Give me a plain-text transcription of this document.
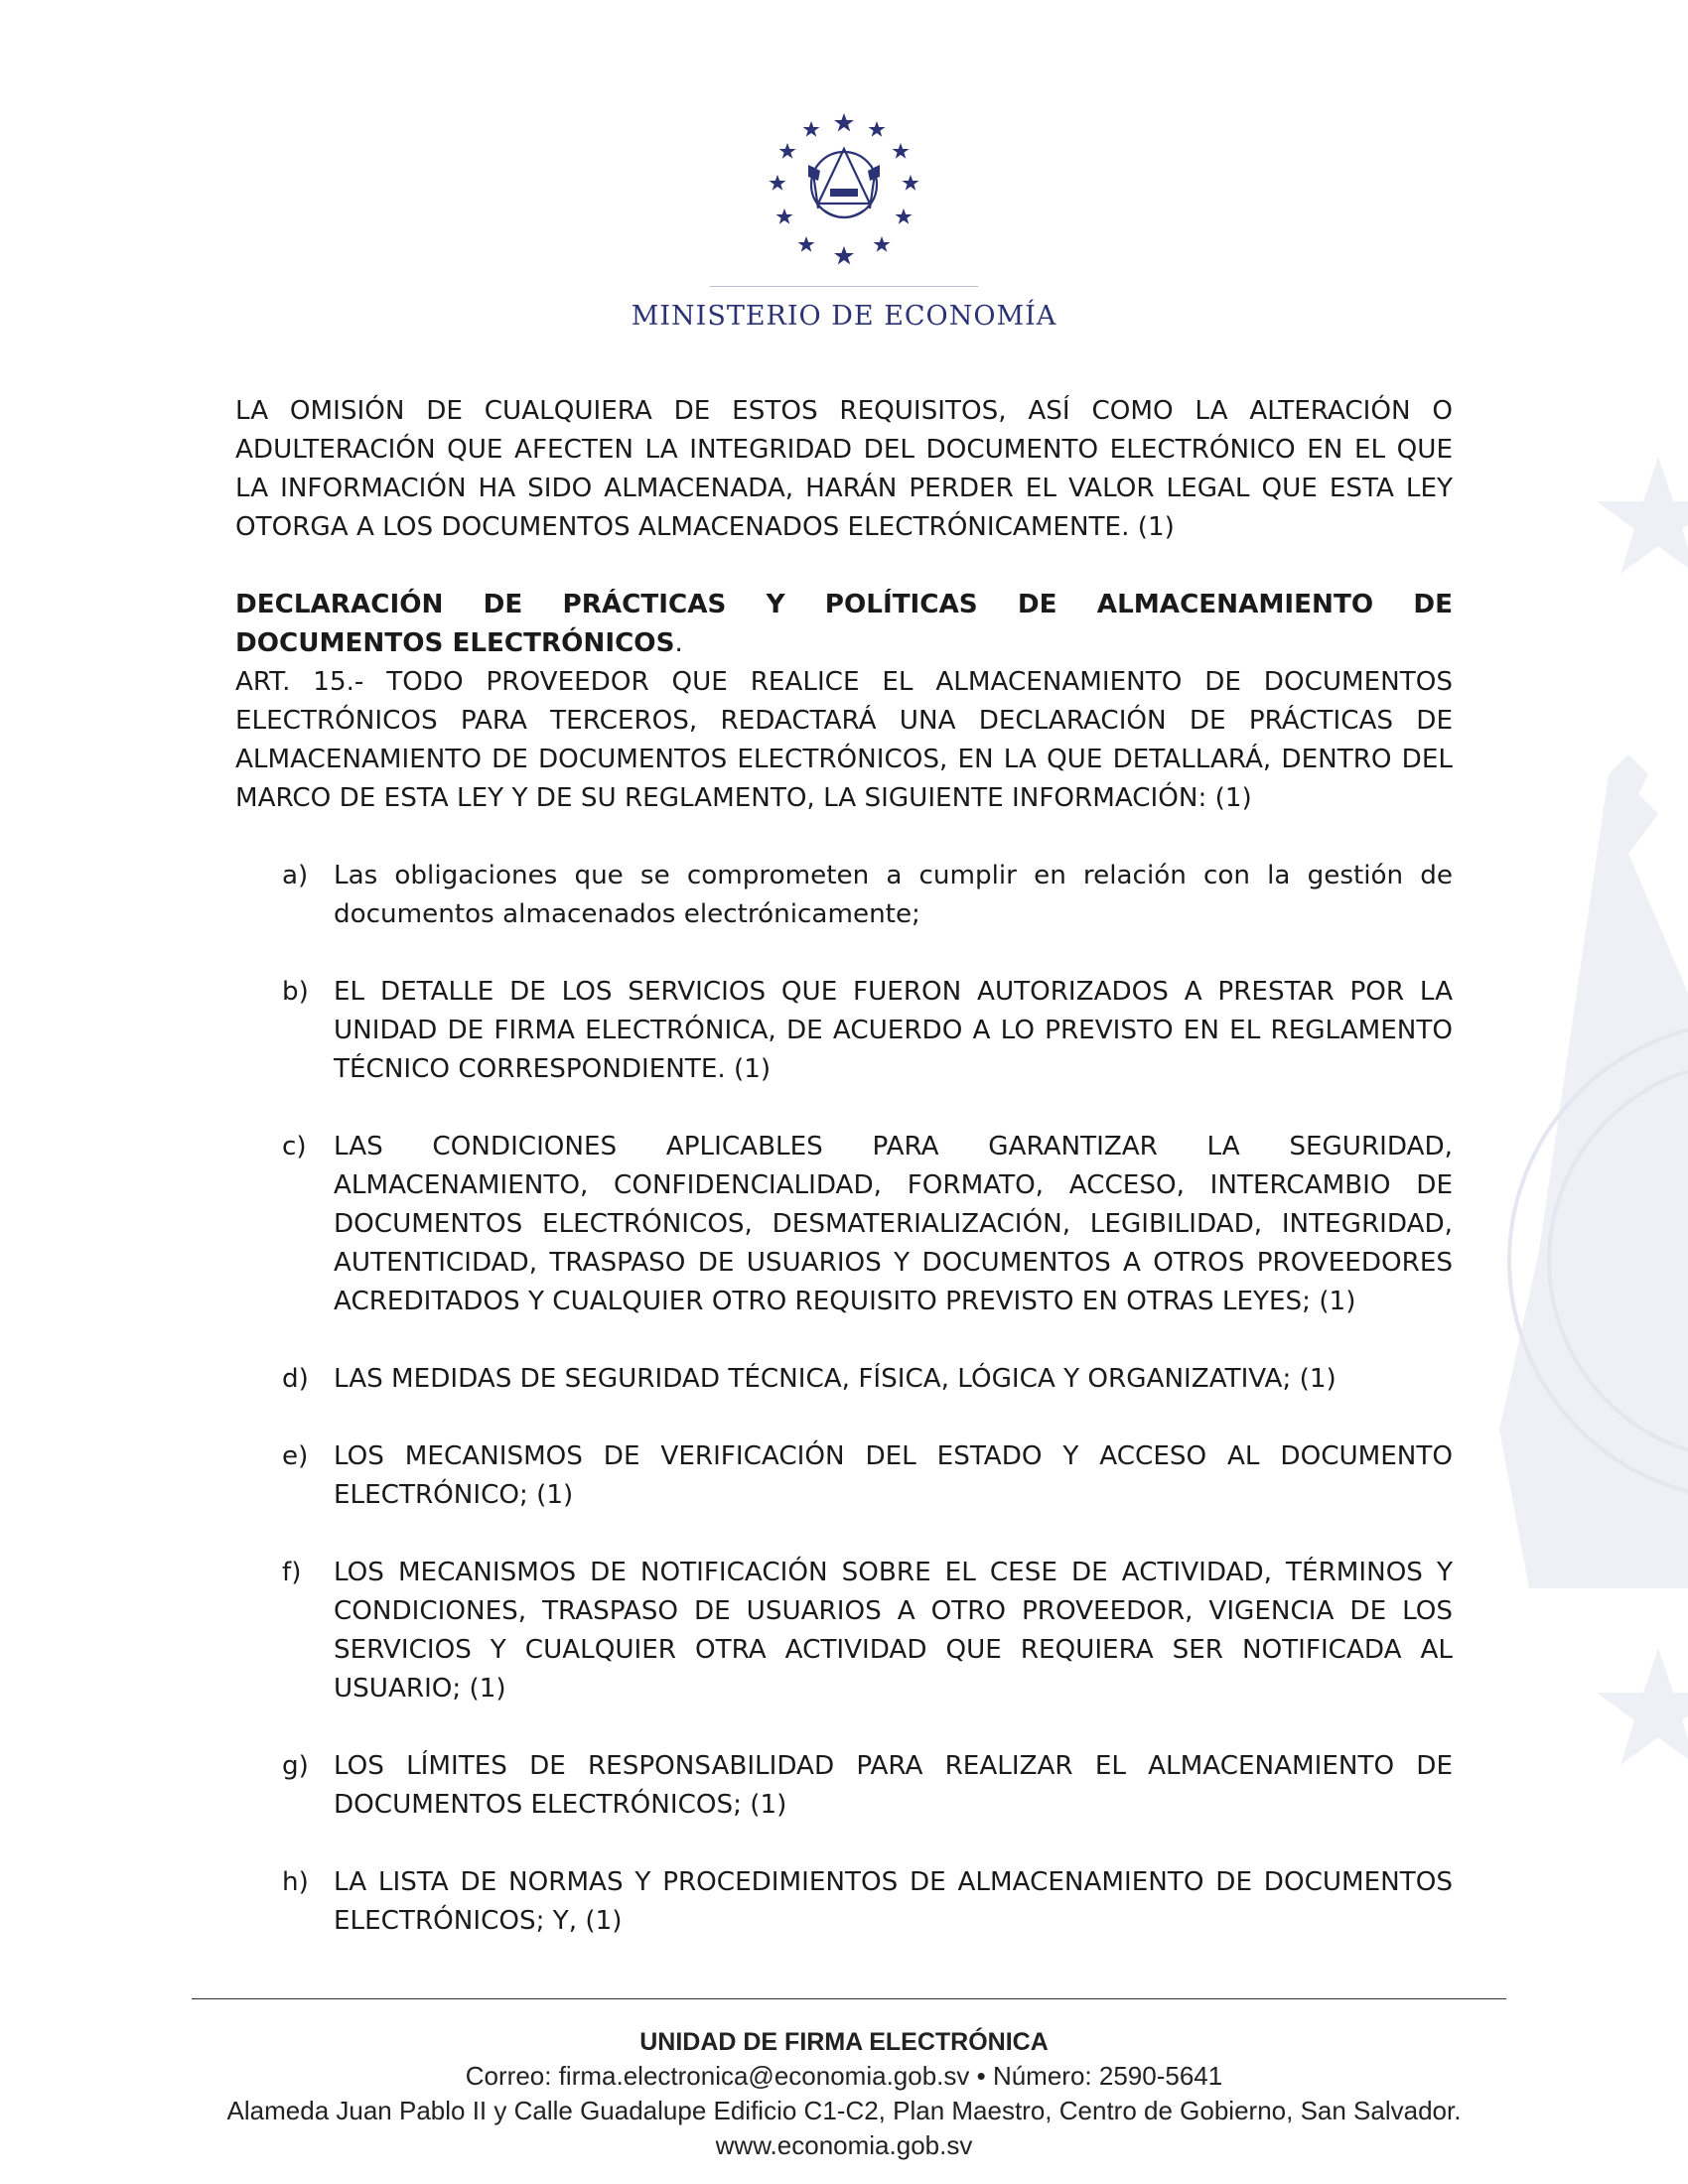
MINISTERIO DE ECONOMÍA

LA OMISIÓN DE CUALQUIERA DE ESTOS REQUISITOS, ASÍ COMO LA ALTERACIÓN O ADULTERACIÓN QUE AFECTEN LA INTEGRIDAD DEL DOCUMENTO ELECTRÓNICO EN EL QUE LA INFORMACIÓN HA SIDO ALMACENADA, HARÁN PERDER EL VALOR LEGAL QUE ESTA LEY OTORGA A LOS DOCUMENTOS ALMACENADOS ELECTRÓNICAMENTE. (1)

DECLARACIÓN DE PRÁCTICAS Y POLÍTICAS DE ALMACENAMIENTO DE DOCUMENTOS ELECTRÓNICOS.

ART. 15.- TODO PROVEEDOR QUE REALICE EL ALMACENAMIENTO DE DOCUMENTOS ELECTRÓNICOS PARA TERCEROS, REDACTARÁ UNA DECLARACIÓN DE PRÁCTICAS DE ALMACENAMIENTO DE DOCUMENTOS ELECTRÓNICOS, EN LA QUE DETALLARÁ, DENTRO DEL MARCO DE ESTA LEY Y DE SU REGLAMENTO, LA SIGUIENTE INFORMACIÓN: (1)

a) Las obligaciones que se comprometen a cumplir en relación con la gestión de documentos almacenados electrónicamente;
b) EL DETALLE DE LOS SERVICIOS QUE FUERON AUTORIZADOS A PRESTAR POR LA UNIDAD DE FIRMA ELECTRÓNICA, DE ACUERDO A LO PREVISTO EN EL REGLAMENTO TÉCNICO CORRESPONDIENTE. (1)
c)	LAS CONDICIONES APLICABLES PARA GARANTIZAR LA SEGURIDAD, ALMACENAMIENTO, CONFIDENCIALIDAD, FORMATO, ACCESO, INTERCAMBIO DE DOCUMENTOS ELECTRÓNICOS, DESMATERIALIZACIÓN, LEGIBILIDAD, INTEGRIDAD, AUTENTICIDAD, TRASPASO DE USUARIOS Y DOCUMENTOS A OTROS PROVEEDORES ACREDITADOS Y CUALQUIER OTRO REQUISITO PREVISTO EN OTRAS LEYES; (1)
d) LAS MEDIDAS DE SEGURIDAD TÉCNICA, FÍSICA, LÓGICA Y ORGANIZATIVA; (1)
e) LOS MECANISMOS DE VERIFICACIÓN DEL ESTADO Y ACCESO AL DOCUMENTO ELECTRÓNICO; (1)
f)	LOS MECANISMOS DE NOTIFICACIÓN SOBRE EL CESE DE ACTIVIDAD, TÉRMINOS Y CONDICIONES, TRASPASO DE USUARIOS A OTRO PROVEEDOR, VIGENCIA DE LOS SERVICIOS Y CUALQUIER OTRA ACTIVIDAD QUE REQUIERA SER NOTIFICADA AL USUARIO; (1)
g) LOS LÍMITES DE RESPONSABILIDAD PARA REALIZAR EL ALMACENAMIENTO DE DOCUMENTOS ELECTRÓNICOS; (1)
h) LA LISTA DE NORMAS Y PROCEDIMIENTOS DE ALMACENAMIENTO DE DOCUMENTOS ELECTRÓNICOS; Y, (1)
UNIDAD DE FIRMA ELECTRÓNICA
Correo: firma.electronica@economia.gob.sv • Número: 2590-5641
Alameda Juan Pablo II y Calle Guadalupe Edificio C1-C2, Plan Maestro, Centro de Gobierno, San Salvador.
www.economia.gob.sv
